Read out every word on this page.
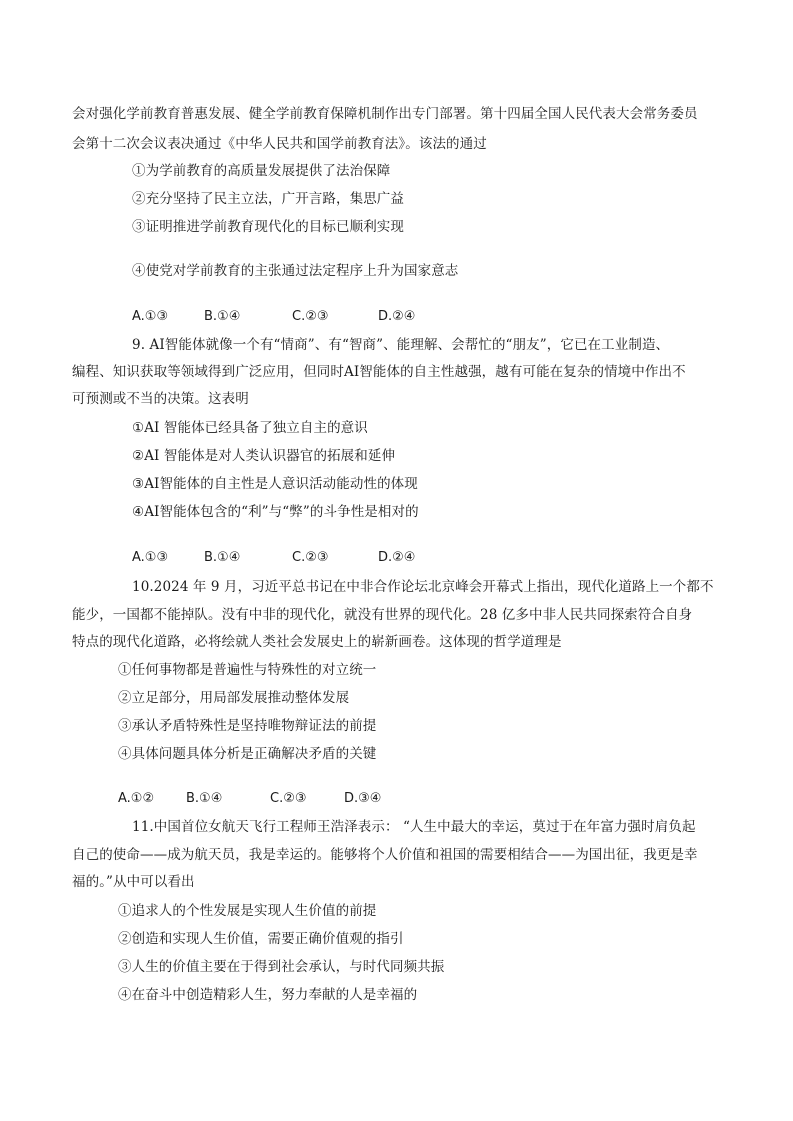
会对强化学前教育普惠发展、健全学前教育保障机制作出专门部署。第十四届全国人民代表大会常务委员
会第十二次会议表决通过《中华人民共和国学前教育法》。该法的通过
①为学前教育的高质量发展提供了法治保障
②充分坚持了民主立法，广开言路，集思广益
③证明推进学前教育现代化的目标已顺利实现
④使党对学前教育的主张通过法定程序上升为国家意志
A.①③	B.①④	C.②③	D.②④
9. AI智能体就像一个有“情商”、有“智商”、能理解、会帮忙的“朋友”，它已在工业制造、
编程、知识获取等领域得到广泛应用，但同时AI智能体的自主性越强，越有可能在复杂的情境中作出不
可预测或不当的决策。这表明
①AI 智能体已经具备了独立自主的意识
②AI 智能体是对人类认识器官的拓展和延伸
③AI智能体的自主性是人意识活动能动性的体现
④AI智能体包含的“利”与“弊”的斗争性是相对的
A.①③	B.①④	C.②③	D.②④
10.2024 年 9 月，习近平总书记在中非合作论坛北京峰会开幕式上指出，现代化道路上一个都不
能少，一国都不能掉队。没有中非的现代化，就没有世界的现代化。28 亿多中非人民共同探索符合自身
特点的现代化道路，必将绘就人类社会发展史上的崭新画卷。这体现的哲学道理是
①任何事物都是普遍性与特殊性的对立统一
②立足部分，用局部发展推动整体发展
③承认矛盾特殊性是坚持唯物辩证法的前提
④具体问题具体分析是正确解决矛盾的关键
A.①② B.①④	C.②③	D.③④
11.中国首位女航天飞行工程师王浩泽表示： “人生中最大的幸运，莫过于在年富力强时肩负起
自己的使命——成为航天员，我是幸运的。能够将个人价值和祖国的需要相结合——为国出征，我更是幸
福的。”从中可以看出
①追求人的个性发展是实现人生价值的前提
②创造和实现人生价值，需要正确价值观的指引
③人生的价值主要在于得到社会承认，与时代同频共振
④在奋斗中创造精彩人生，努力奉献的人是幸福的
